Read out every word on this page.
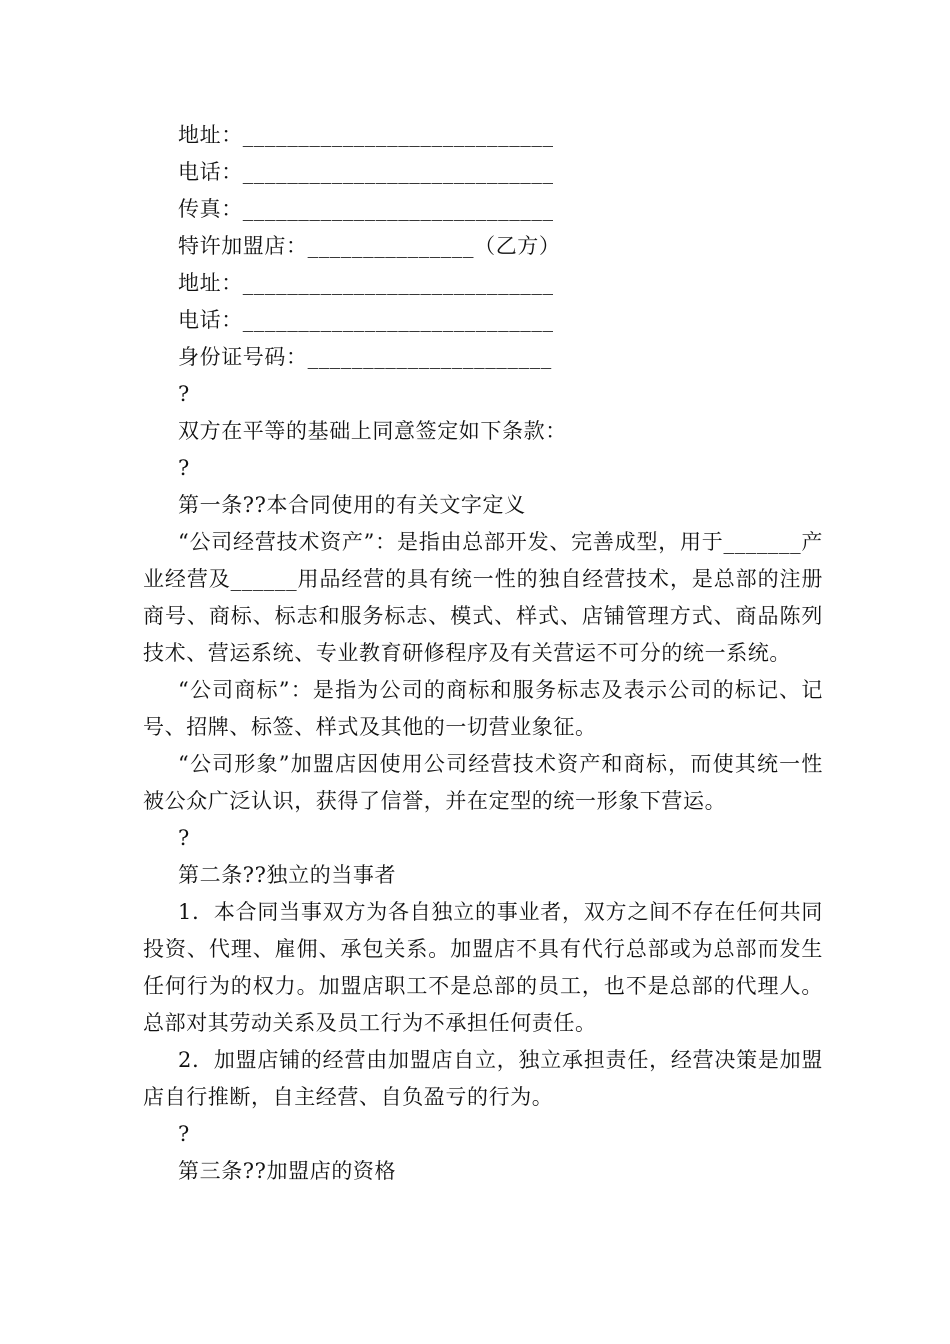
地址：____________________________
电话：____________________________
传真：____________________________
特许加盟店：_______________（乙方）
地址：____________________________
电话：____________________________
身份证号码：______________________
?
双方在平等的基础上同意签定如下条款：
?
第一条??本合同使用的有关文字定义
“公司经营技术资产”：是指由总部开发、完善成型，用于_______产业经营及______用品经营的具有统一性的独自经营技术，是总部的注册商号、商标、标志和服务标志、模式、样式、店铺管理方式、商品陈列技术、营运系统、专业教育研修程序及有关营运不可分的统一系统。
“公司商标”：是指为公司的商标和服务标志及表示公司的标记、记号、招牌、标签、样式及其他的一切营业象征。
“公司形象”加盟店因使用公司经营技术资产和商标，而使其统一性被公众广泛认识，获得了信誉，并在定型的统一形象下营运。
?
第二条??独立的当事者
1．本合同当事双方为各自独立的事业者，双方之间不存在任何共同投资、代理、雇佣、承包关系。加盟店不具有代行总部或为总部而发生任何行为的权力。加盟店职工不是总部的员工，也不是总部的代理人。总部对其劳动关系及员工行为不承担任何责任。
2．加盟店铺的经营由加盟店自立，独立承担责任，经营决策是加盟店自行推断，自主经营、自负盈亏的行为。
?
第三条??加盟店的资格
